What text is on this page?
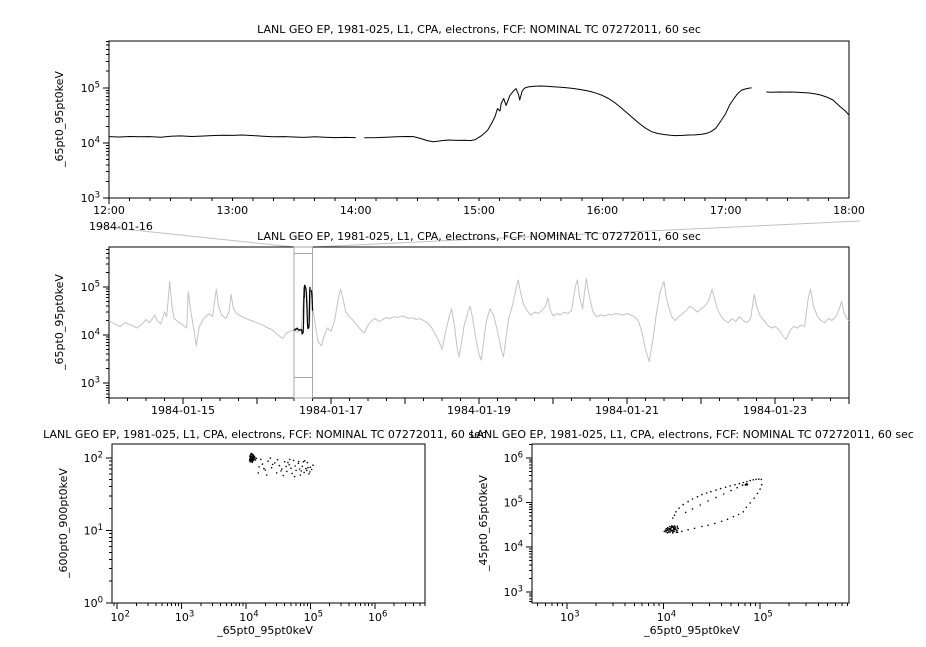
$10^3$
$10^4$
$10^5$
12:00	13:00	14:00	15:00	16:00	17:00	18:00
$10^3$
$10^4$
$10^5$
1984-01-15	1984-01-17	1984-01-19	1984-01-21	1984-01-23
$10^0$
$10^1$
$10^2$
$10^2$	$10^3$	$10^4$	$10^5$	$10^6$
$10^3$
$10^4$
$10^5$
$10^6$
$10^3$	$10^4$	$10^5$
LANL GEO EP, 1981-025, L1, CPA, electrons, FCF: NOMINAL TC 07272011, 60 sec
LANL GEO EP, 1981-025, L1, CPA, electrons, FCF: NOMINAL TC 07272011, 60 sec
LANL GEO EP, 1981-025, L1, CPA, electrons, FCF: NOMINAL TC 07272011, 60 sec
LANL GEO EP, 1981-025, L1, CPA, electrons, FCF: NOMINAL TC 07272011, 60 sec
_65pt0_95pt0keV
_65pt0_95pt0keV
_600pt0_900pt0keV	_45pt0_65pt0keV
_65pt0_95pt0keV	_65pt0_95pt0keV
1984-01-16
